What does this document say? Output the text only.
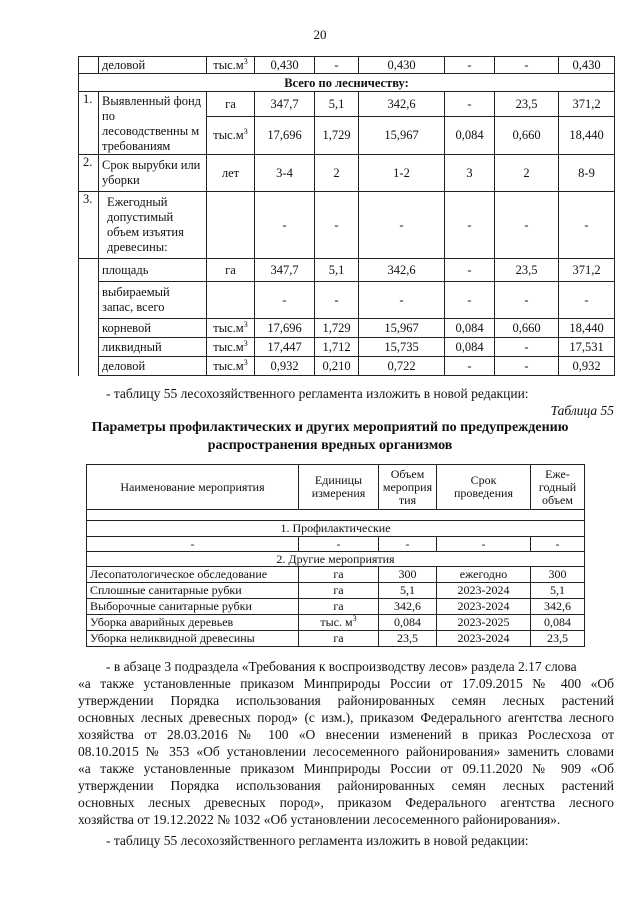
20
	деловой	$тыс.м^3$	0,430	-	0,430	-	-	0,430
Всего по лесничеству:								
1.	Выявленный фонд по лесоводственны м требованиям	га	347,7	5,1	342,6	-	23,5	371,2
		$тыс.м^3$	17,696	1,729	15,967	0,084	0,660	18,440
2.	Срок вырубки или уборки	лет	3-4	2	1-2	3	2	8-9
3.	Ежегодный допустимый объем изъятия древесины:		-	-	-	-	-	-
	площадь	га	347,7	5,1	342,6	-	23,5	371,2
	выбираемый запас, всего		-	-	-	-	-	-
	корневой	$тыс.м^3$	17,696	1,729	15,967	0,084	0,660	18,440
	ликвидный	$тыс.м^3$	17,447	1,712	15,735	0,084	-	17,531
	деловой	$тыс.м^3$	0,932	0,210	0,722	-	-	0,932
- таблицу 55 лесохозяйственного регламента изложить в новой редакции:
Таблица 55
Параметры профилактических и других мероприятий по предупреждению
распространения вредных организмов
Наименование мероприятия	Единицы измерения	Объем мероприя тия	Срок проведения	Еже-годный объем

1. Профилактические				
-	-	-	-	-
2. Другие мероприятия				
Лесопатологическое обследование	га	300	ежегодно	300
Сплошные санитарные рубки	га	5,1	2023-2024	5,1
Выборочные санитарные рубки	га	342,6	2023-2024	342,6
Уборка аварийных деревьев	тыс. $м^3$	0,084	2023-2025	0,084
Уборка неликвидной древесины	га	23,5	2023-2024	23,5
- в абзаце 3 подраздела «Требования к воспроизводству лесов» раздела 2.17 слова
«а также установленные приказом Минприроды России от 17.09.2015 № 400 «Об
утверждении Порядка использования районированных семян лесных растений
основных лесных древесных пород» (с изм.), приказом Федерального агентства лесного
хозяйства от 28.03.2016 № 100 «О внесении изменений в приказ Рослесхоза от
08.10.2015 № 353 «Об установлении лесосеменного районирования» заменить словами
«а также установленные приказом Минприроды России от 09.11.2020 № 909 «Об
утверждении Порядка использования районированных семян лесных растений
основных лесных древесных пород», приказом Федерального агентства лесного
хозяйства от 19.12.2022 № 1032 «Об установлении лесосеменного районирования».
- таблицу 55 лесохозяйственного регламента изложить в новой редакции:
